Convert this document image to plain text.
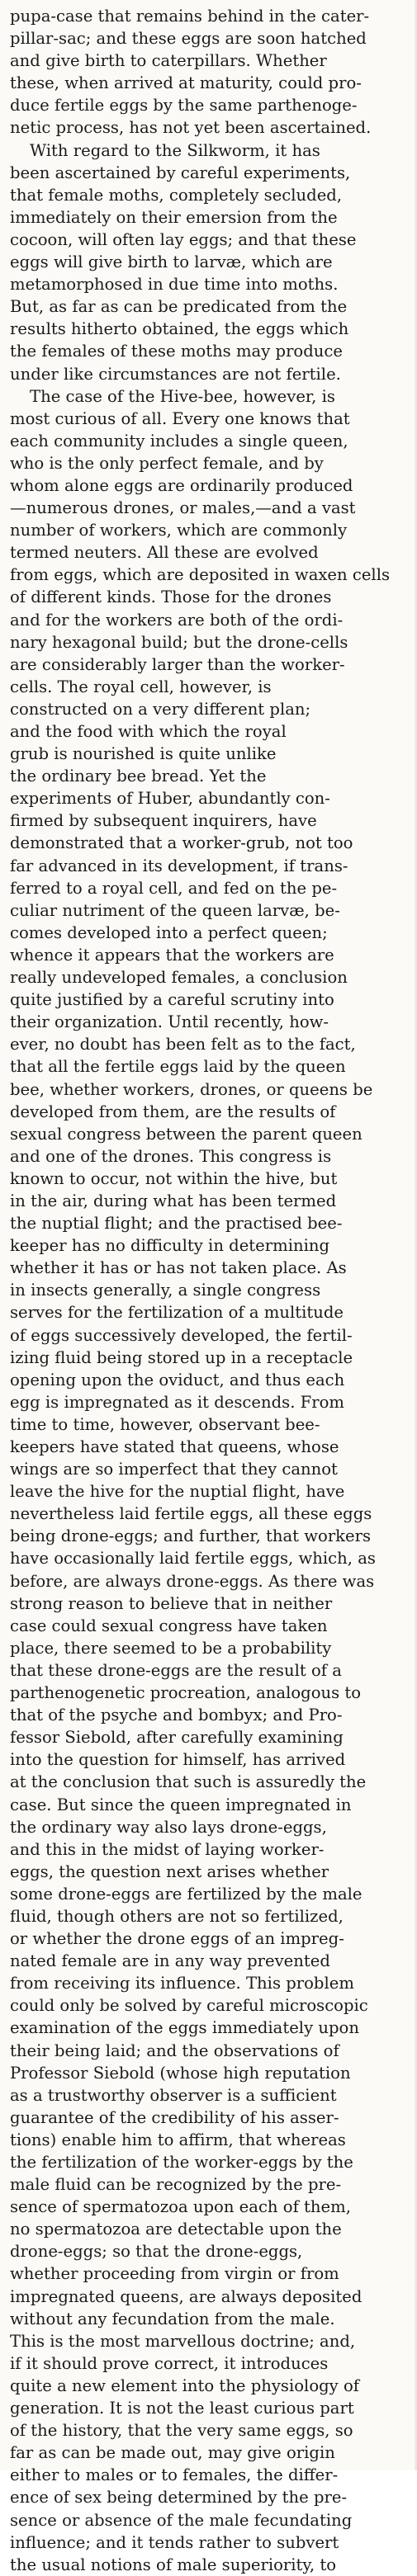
pupa-case that remains behind in the cater-
pillar-sac; and these eggs are soon hatched
and give birth to caterpillars. Whether
these, when arrived at maturity, could pro-
duce fertile eggs by the same parthenoge-
netic process, has not yet been ascertained.
With regard to the Silkworm, it has
been ascertained by careful experiments,
that female moths, completely secluded,
immediately on their emersion from the
cocoon, will often lay eggs; and that these
eggs will give birth to larvæ, which are
metamorphosed in due time into moths.
But, as far as can be predicated from the
results hitherto obtained, the eggs which
the females of these moths may produce
under like circumstances are not fertile.
The case of the Hive-bee, however, is
most curious of all. Every one knows that
each community includes a single queen,
who is the only perfect female, and by
whom alone eggs are ordinarily produced
—numerous drones, or males,—and a vast
number of workers, which are commonly
termed neuters. All these are evolved
from eggs, which are deposited in waxen cells
of different kinds. Those for the drones
and for the workers are both of the ordi-
nary hexagonal build; but the drone-cells
are considerably larger than the worker-
cells. The royal cell, however, is
constructed on a very different plan;
and the food with which the royal
grub is nourished is quite unlike
the ordinary bee bread. Yet the
experiments of Huber, abundantly con-
firmed by subsequent inquirers, have
demonstrated that a worker-grub, not too
far advanced in its development, if trans-
ferred to a royal cell, and fed on the pe-
culiar nutriment of the queen larvæ, be-
comes developed into a perfect queen;
whence it appears that the workers are
really undeveloped females, a conclusion
quite justified by a careful scrutiny into
their organization. Until recently, how-
ever, no doubt has been felt as to the fact,
that all the fertile eggs laid by the queen
bee, whether workers, drones, or queens be
developed from them, are the results of
sexual congress between the parent queen
and one of the drones. This congress is
known to occur, not within the hive, but
in the air, during what has been termed
the nuptial flight; and the practised bee-
keeper has no difficulty in determining
whether it has or has not taken place. As
in insects generally, a single congress
serves for the fertilization of a multitude
of eggs successively developed, the fertil-
izing fluid being stored up in a receptacle
opening upon the oviduct, and thus each
egg is impregnated as it descends. From
time to time, however, observant bee-
keepers have stated that queens, whose
wings are so imperfect that they cannot
leave the hive for the nuptial flight, have
nevertheless laid fertile eggs, all these eggs
being drone-eggs; and further, that workers
have occasionally laid fertile eggs, which, as
before, are always drone-eggs. As there was
strong reason to believe that in neither
case could sexual congress have taken
place, there seemed to be a probability
that these drone-eggs are the result of a
parthenogenetic procreation, analogous to
that of the psyche and bombyx; and Pro-
fessor Siebold, after carefully examining
into the question for himself, has arrived
at the conclusion that such is assuredly the
case. But since the queen impregnated in
the ordinary way also lays drone-eggs,
and this in the midst of laying worker-
eggs, the question next arises whether
some drone-eggs are fertilized by the male
fluid, though others are not so fertilized,
or whether the drone eggs of an impreg-
nated female are in any way prevented
from receiving its influence. This problem
could only be solved by careful microscopic
examination of the eggs immediately upon
their being laid; and the observations of
Professor Siebold (whose high reputation
as a trustworthy observer is a sufficient
guarantee of the credibility of his asser-
tions) enable him to affirm, that whereas
the fertilization of the worker-eggs by the
male fluid can be recognized by the pre-
sence of spermatozoa upon each of them,
no spermatozoa are detectable upon the
drone-eggs; so that the drone-eggs,
whether proceeding from virgin or from
impregnated queens, are always deposited
without any fecundation from the male.
This is the most marvellous doctrine; and,
if it should prove correct, it introduces
quite a new element into the physiology of
generation. It is not the least curious part
of the history, that the very same eggs, so
far as can be made out, may give origin
either to males or to females, the differ-
ence of sex being determined by the pre-
sence or absence of the male fecundating
influence; and it tends rather to subvert
the usual notions of male superiority, to
